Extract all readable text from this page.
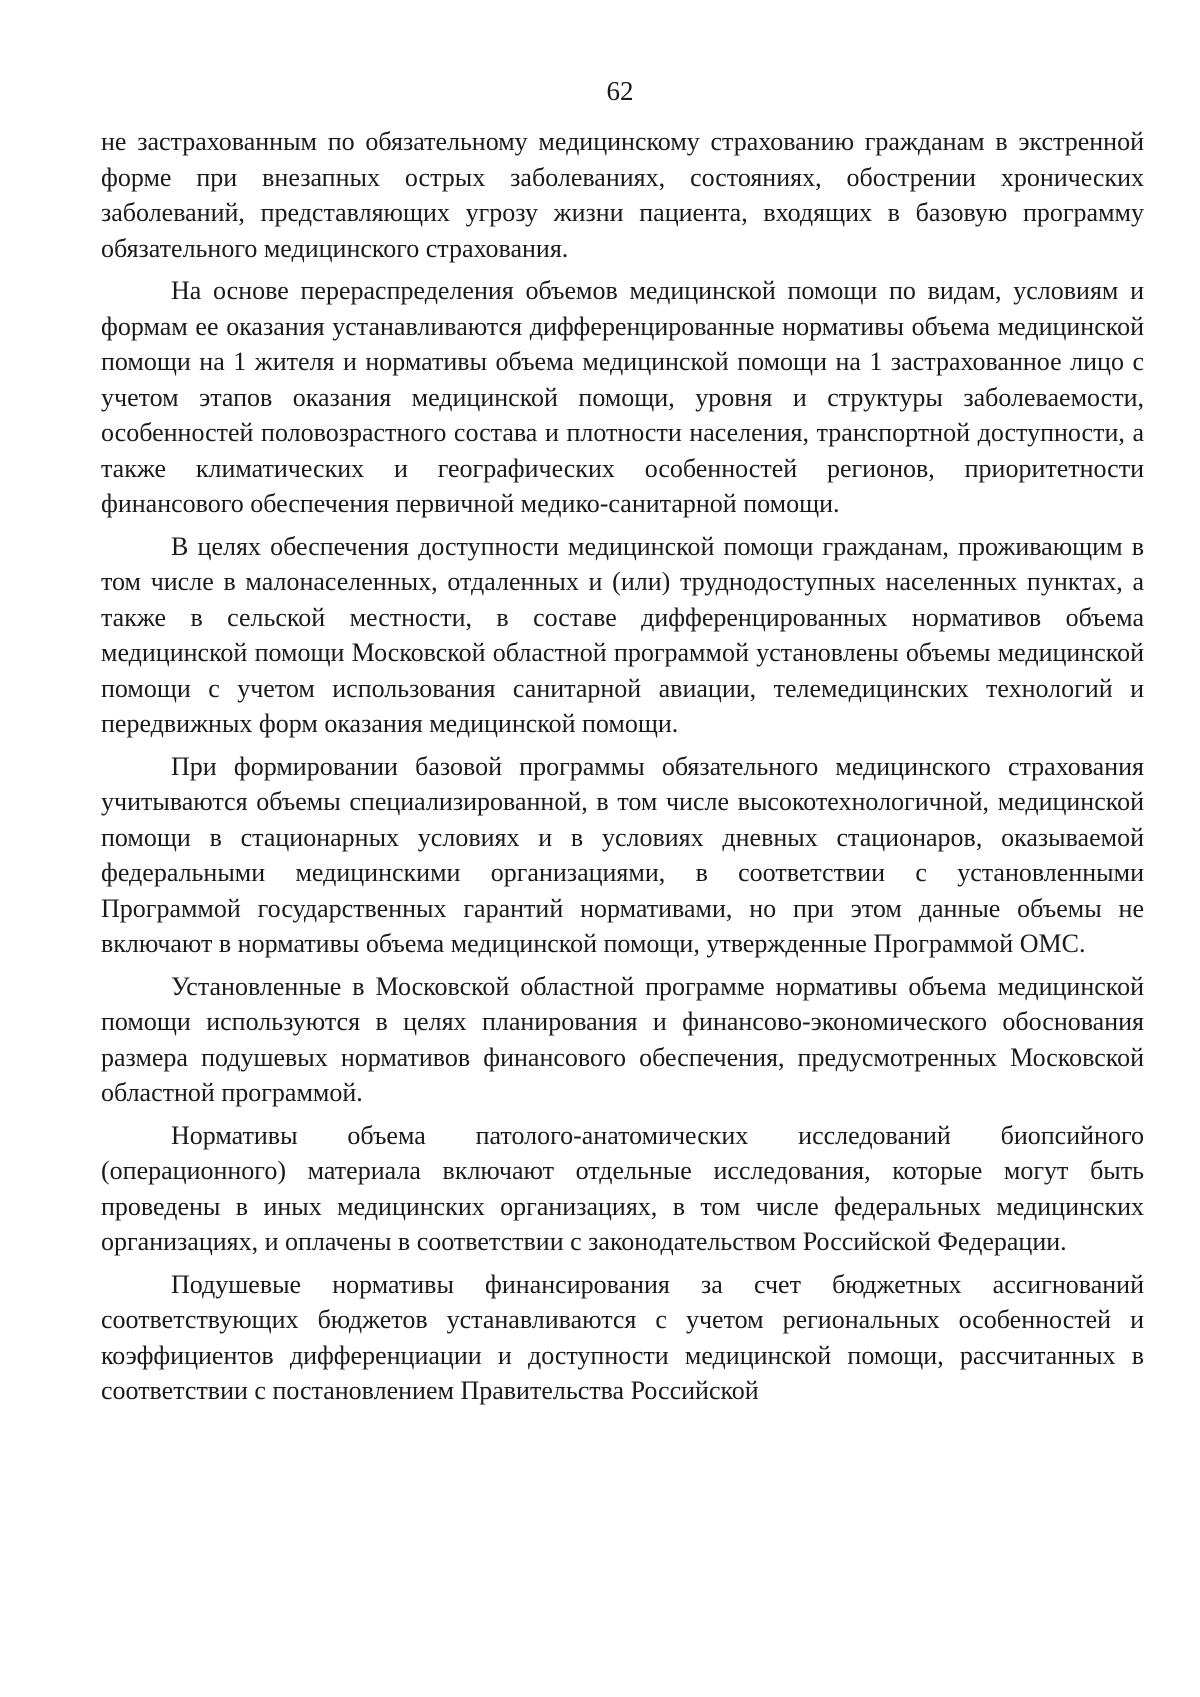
62

не застрахованным по обязательному медицинскому страхованию гражданам в экстренной форме при внезапных острых заболеваниях, состояниях, обострении хронических заболеваний, представляющих угрозу жизни пациента, входящих в базовую программу обязательного медицинского страхования.

На основе перераспределения объемов медицинской помощи по видам, условиям и формам ее оказания устанавливаются дифференцированные нормативы объема медицинской помощи на 1 жителя и нормативы объема медицинской помощи на 1 застрахованное лицо с учетом этапов оказания медицинской помощи, уровня и структуры заболеваемости, особенностей половозрастного состава и плотности населения, транспортной доступности, а также климатических и географических особенностей регионов, приоритетности финансового обеспечения первичной медико-санитарной помощи.

В целях обеспечения доступности медицинской помощи гражданам, проживающим в том числе в малонаселенных, отдаленных и (или) труднодоступных населенных пунктах, а также в сельской местности, в составе дифференцированных нормативов объема медицинской помощи Московской областной программой установлены объемы медицинской помощи с учетом использования санитарной авиации, телемедицинских технологий и передвижных форм оказания медицинской помощи.

При формировании базовой программы обязательного медицинского страхования учитываются объемы специализированной, в том числе высокотехнологичной, медицинской помощи в стационарных условиях и в условиях дневных стационаров, оказываемой федеральными медицинскими организациями, в соответствии с установленными Программой государственных гарантий нормативами, но при этом данные объемы не включают в нормативы объема медицинской помощи, утвержденные Программой ОМС.

Установленные в Московской областной программе нормативы объема медицинской помощи используются в целях планирования и финансово-экономического обоснования размера подушевых нормативов финансового обеспечения, предусмотренных Московской областной программой.

Нормативы объема патолого-анатомических исследований биопсийного (операционного) материала включают отдельные исследования, которые могут быть проведены в иных медицинских организациях, в том числе федеральных медицинских организациях, и оплачены в соответствии с законодательством Российской Федерации.

Подушевые нормативы финансирования за счет бюджетных ассигнований соответствующих бюджетов устанавливаются с учетом региональных особенностей и коэффициентов дифференциации и доступности медицинской помощи, рассчитанных в соответствии с постановлением Правительства Российской
